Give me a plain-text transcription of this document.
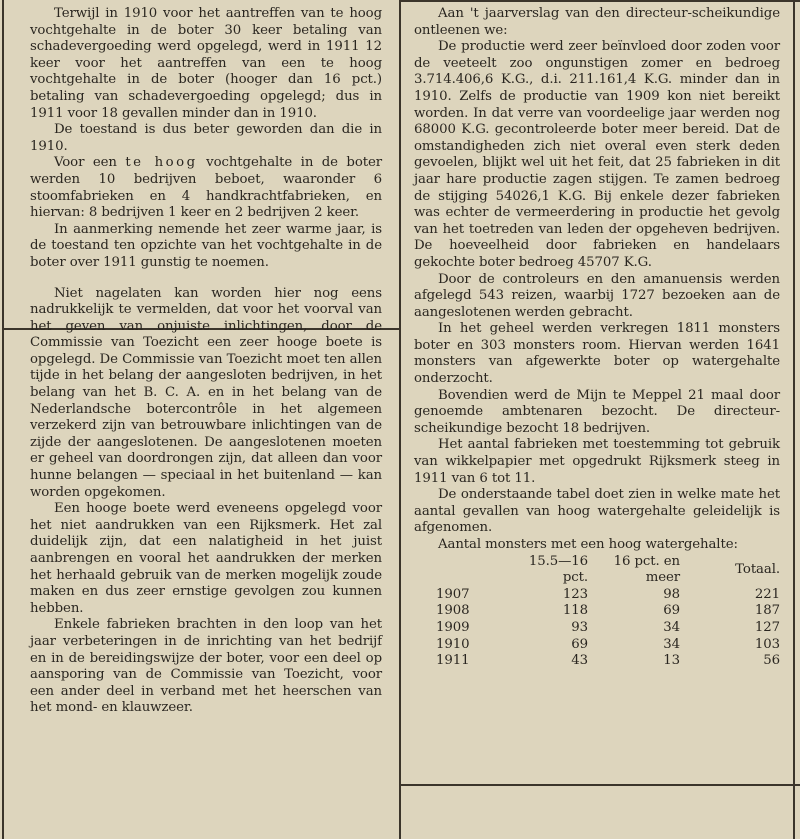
Terwijl in 1910 voor het aantreffen van te hoog vochtgehalte in de boter 30 keer betaling van schadevergoeding werd opgelegd, werd in 1911 12 keer voor het aantreffen van een te hoog vochtgehalte in de boter (hooger dan 16 pct.) betaling van schadevergoeding opgelegd; dus in 1911 voor 18 gevallen minder dan in 1910.

De toestand is dus beter geworden dan die in 1910.

Voor een te hoog vochtgehalte in de boter werden 10 bedrijven beboet, waaronder 6 stoomfabrieken en 4 handkrachtfabrieken, en hiervan: 8 bedrijven 1 keer en 2 bedrijven 2 keer.

In aanmerking nemende het zeer warme jaar, is de toestand ten opzichte van het vochtgehalte in de boter over 1911 gunstig te noemen.

Niet nagelaten kan worden hier nog eens nadrukkelijk te vermelden, dat voor het voorval van het geven van onjuiste inlichtingen, door de Commissie van Toezicht een zeer hooge boete is opgelegd. De Commissie van Toezicht moet ten allen tijde in het belang der aangesloten bedrijven, in het belang van het B. C. A. en in het belang van de Nederlandsche botercontrôle in het algemeen verzekerd zijn van betrouwbare inlichtingen van de zijde der aangeslotenen. De aangeslotenen moeten er geheel van doordrongen zijn, dat alleen dan voor hunne belangen — speciaal in het buitenland — kan worden opgekomen.

Een hooge boete werd eveneens opgelegd voor het niet aandrukken van een Rijksmerk. Het zal duidelijk zijn, dat een nalatigheid in het juist aanbrengen en vooral het aandrukken der merken het herhaald gebruik van de merken mogelijk zoude maken en dus zeer ernstige gevolgen zou kunnen hebben.

Enkele fabrieken brachten in den loop van het jaar verbeteringen in de inrichting van het bedrijf en in de bereidingswijze der boter, voor een deel op aansporing van de Commissie van Toezicht, voor een ander deel in verband met het heerschen van het mond- en klauwzeer.

Aan 't jaarverslag van den directeur-scheikundige ontleenen we:

De productie werd zeer beïnvloed door zoden voor de veeteelt zoo ongunstigen zomer en bedroeg 3.714.406,6 K.G., d.i. 211.161,4 K.G. minder dan in 1910. Zelfs de productie van 1909 kon niet bereikt worden. In dat verre van voordeelige jaar werden nog 68000 K.G. gecontroleerde boter meer bereid. Dat de omstandigheden zich niet overal even sterk deden gevoelen, blijkt wel uit het feit, dat 25 fabrieken in dit jaar hare productie zagen stijgen. Te zamen bedroeg de stijging 54026,1 K.G. Bij enkele dezer fabrieken was echter de vermeerdering in productie het gevolg van het toetreden van leden der opgeheven bedrijven. De hoeveelheid door fabrieken en handelaars gekochte boter bedroeg 45707 K.G.

Door de controleurs en den amanuensis werden afgelegd 543 reizen, waarbij 1727 bezoeken aan de aangeslotenen werden gebracht.

In het geheel werden verkregen 1811 monsters boter en 303 monsters room. Hiervan werden 1641 monsters van afgewerkte boter op watergehalte onderzocht.

Bovendien werd de Mijn te Meppel 21 maal door genoemde ambtenaren bezocht. De directeur-scheikundige bezocht 18 bedrijven.

Het aantal fabrieken met toestemming tot gebruik van wikkelpapier met opgedrukt Rijksmerk steeg in 1911 van 6 tot 11.

De onderstaande tabel doet zien in welke mate het aantal gevallen van hoog watergehalte geleidelijk is afgenomen.

Aantal monsters met een hoog watergehalte:

	15.5—16 pct.	16 pct. en meer	Totaal.
1907	123	98	221
1908	118	69	187
1909	93	34	127
1910	69	34	103
1911	43	13	56
